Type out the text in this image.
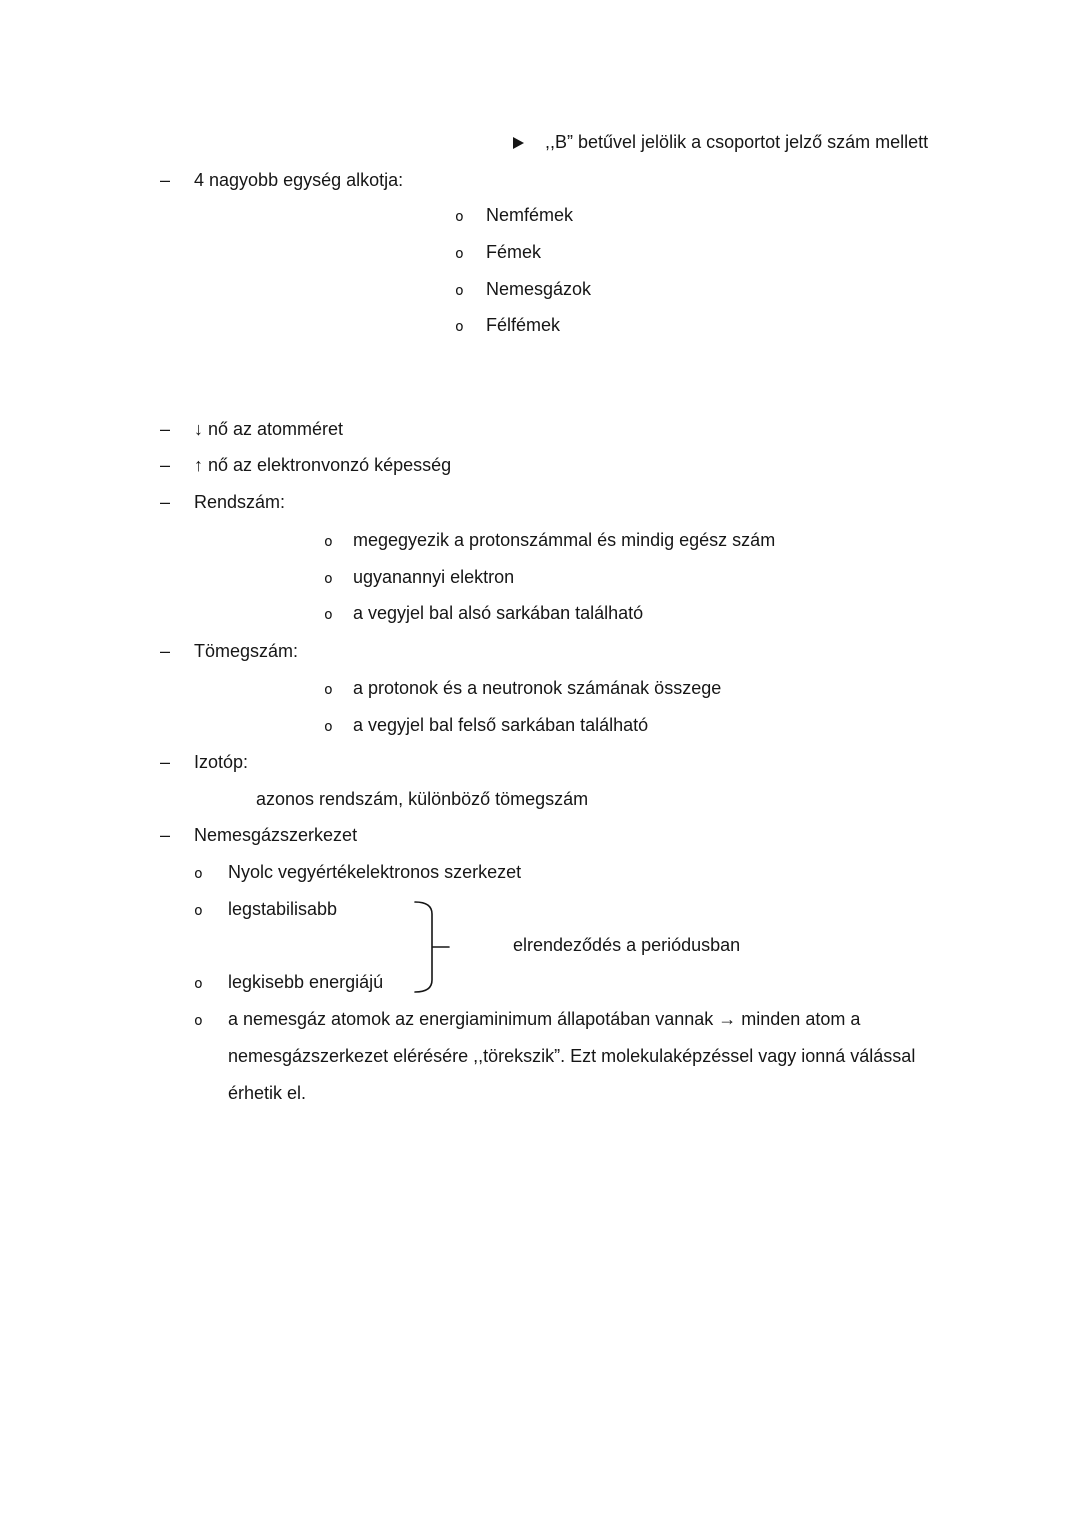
,,B” betűvel jelölik a csoportot jelző szám mellett
– 4 nagyobb egység alkotja:
o Nemfémek
o Fémek
o Nemesgázok
o Félfémek
– ↓ nő az atomméret
– ↑ nő az elektronvonzó képesség
– Rendszám:
o megegyezik a protonszámmal és mindig egész szám
o ugyanannyi elektron
o a vegyjel bal alsó sarkában található
– Tömegszám:
o a protonok és a neutronok számának összege
o a vegyjel bal felső sarkában található
– Izotóp:
azonos rendszám, különböző tömegszám
– Nemesgázszerkezet
o Nyolc vegyértékelektronos szerkezet
o legstabilisabb
elrendeződés a periódusban
o legkisebb energiájú
o a nemesgáz atomok az energiaminimum állapotában vannak → minden atom a
nemesgázszerkezet elérésére ,,törekszik”. Ezt molekulaképzéssel vagy ionná válással
érhetik el.
